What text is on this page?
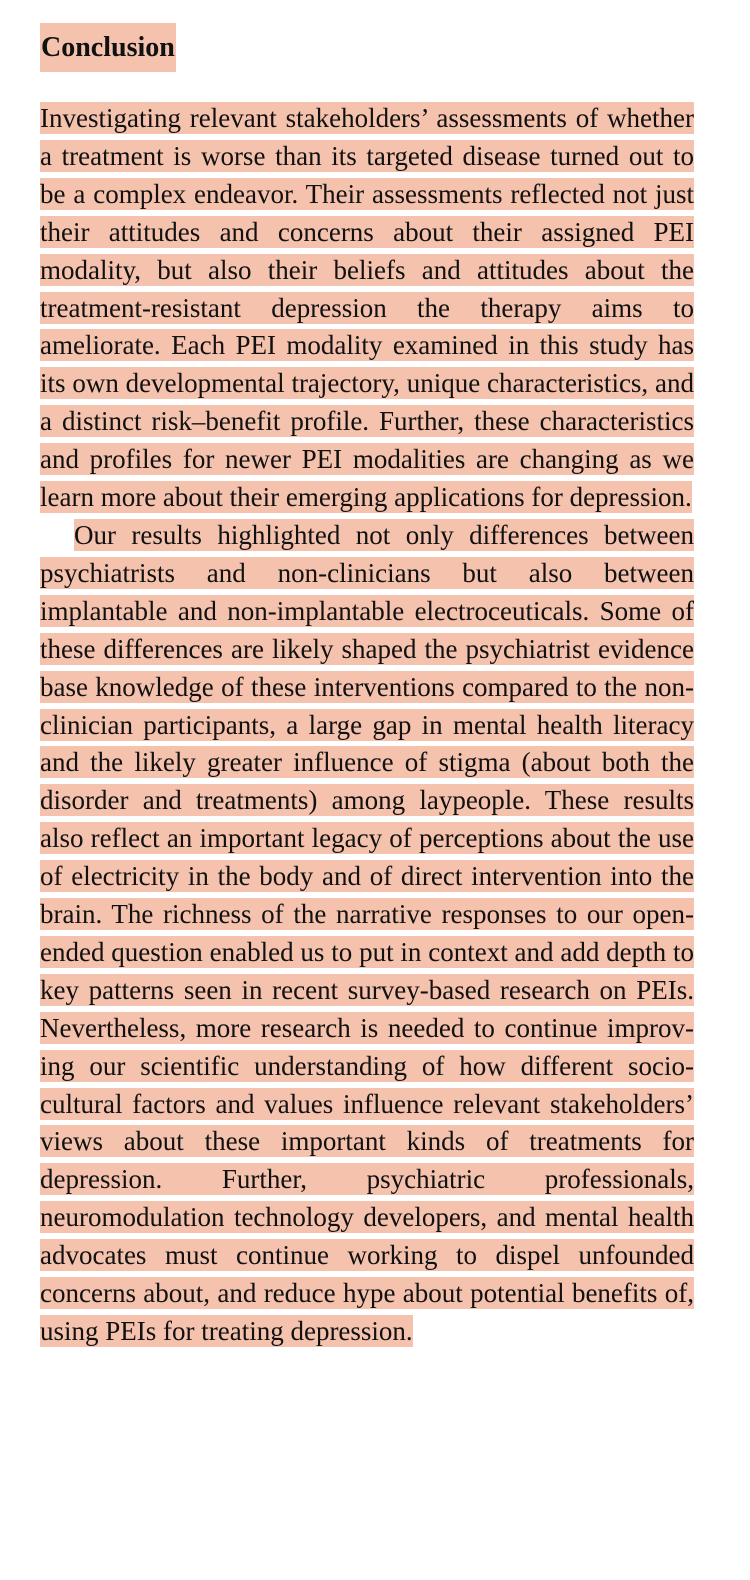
Conclusion

Investigating relevant stakeholders’ assessments of whether a treatment is worse than its targeted disease turned out to be a complex endeavor. Their assessments reflected not just their attitudes and concerns about their assigned PEI modality, but also their beliefs and attitudes about the treatment-resistant depression the therapy aims to ameliorate. Each PEI modality examined in this study has its own developmental trajectory, unique characteristics, and a distinct risk–benefit profile. Further, these characteristics and profiles for newer PEI modalities are changing as we learn more about their emerging applications for depression.

Our results highlighted not only differences between psychiatrists and non-clinicians but also between implantable and non-implantable electroceuticals. Some of these differences are likely shaped the psychiatrist evidence base knowledge of these interventions compared to the non-clinician participants, a large gap in mental health literacy and the likely greater influence of stigma (about both the disorder and treatments) among laypeople. These results also reflect an important legacy of perceptions about the use of electricity in the body and of direct intervention into the brain. The richness of the narrative responses to our open-ended question enabled us to put in context and add depth to key patterns seen in recent survey-based research on PEIs. Nevertheless, more research is needed to continue improving our scientific understanding of how different socio-cultural factors and values influence relevant stakeholders’ views about these important kinds of treatments for depression. Further, psychiatric professionals, neuromodulation technology developers, and mental health advocates must continue working to dispel unfounded concerns about, and reduce hype about potential benefits of, using PEIs for treating depression.
